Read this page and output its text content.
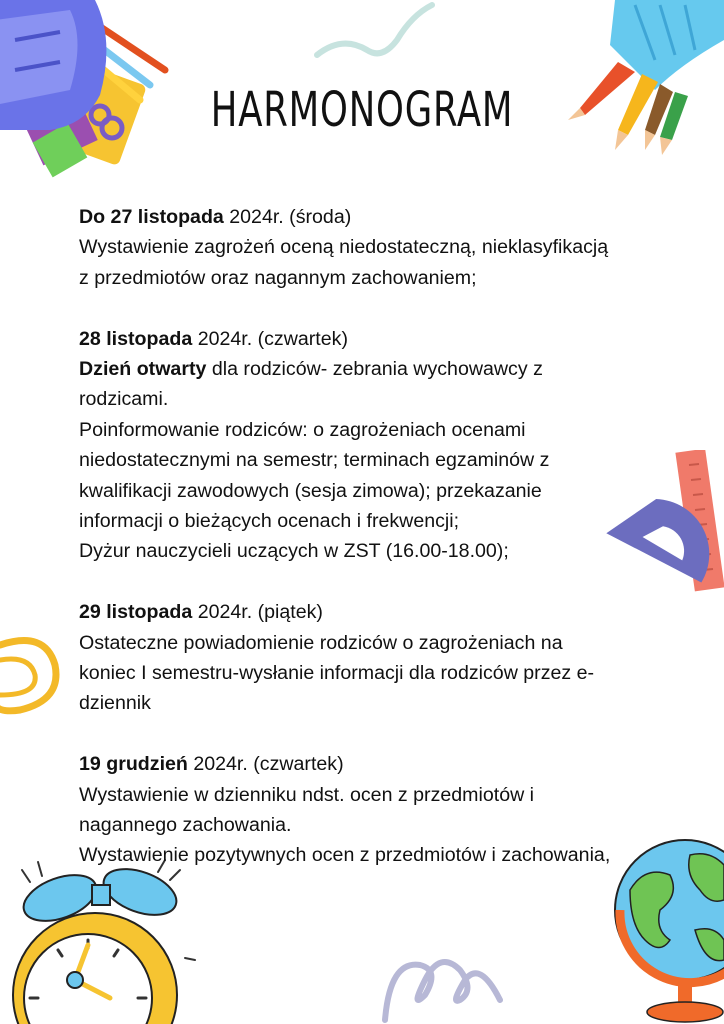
HARMONOGRAM
Do 27 listopada 2024r. (środa)
Wystawienie zagrożeń oceną niedostateczną, nieklasyfikacją
z przedmiotów oraz nagannym zachowaniem;
28 listopada 2024r. (czwartek)
Dzień otwarty dla rodziców- zebrania wychowawcy z
rodzicami.
Poinformowanie rodziców: o zagrożeniach ocenami
niedostatecznymi na semestr; terminach egzaminów z
kwalifikacji zawodowych (sesja zimowa); przekazanie
informacji o bieżących ocenach i frekwencji;
Dyżur nauczycieli uczących w ZST (16.00-18.00);
29 listopada 2024r. (piątek)
Ostateczne powiadomienie rodziców o zagrożeniach na
koniec I semestru-wysłanie informacji dla rodziców przez e-
dziennik
19 grudzień 2024r. (czwartek)
Wystawienie w dzienniku ndst. ocen z przedmiotów i
nagannego zachowania.
Wystawienie pozytywnych ocen z przedmiotów i zachowania,
